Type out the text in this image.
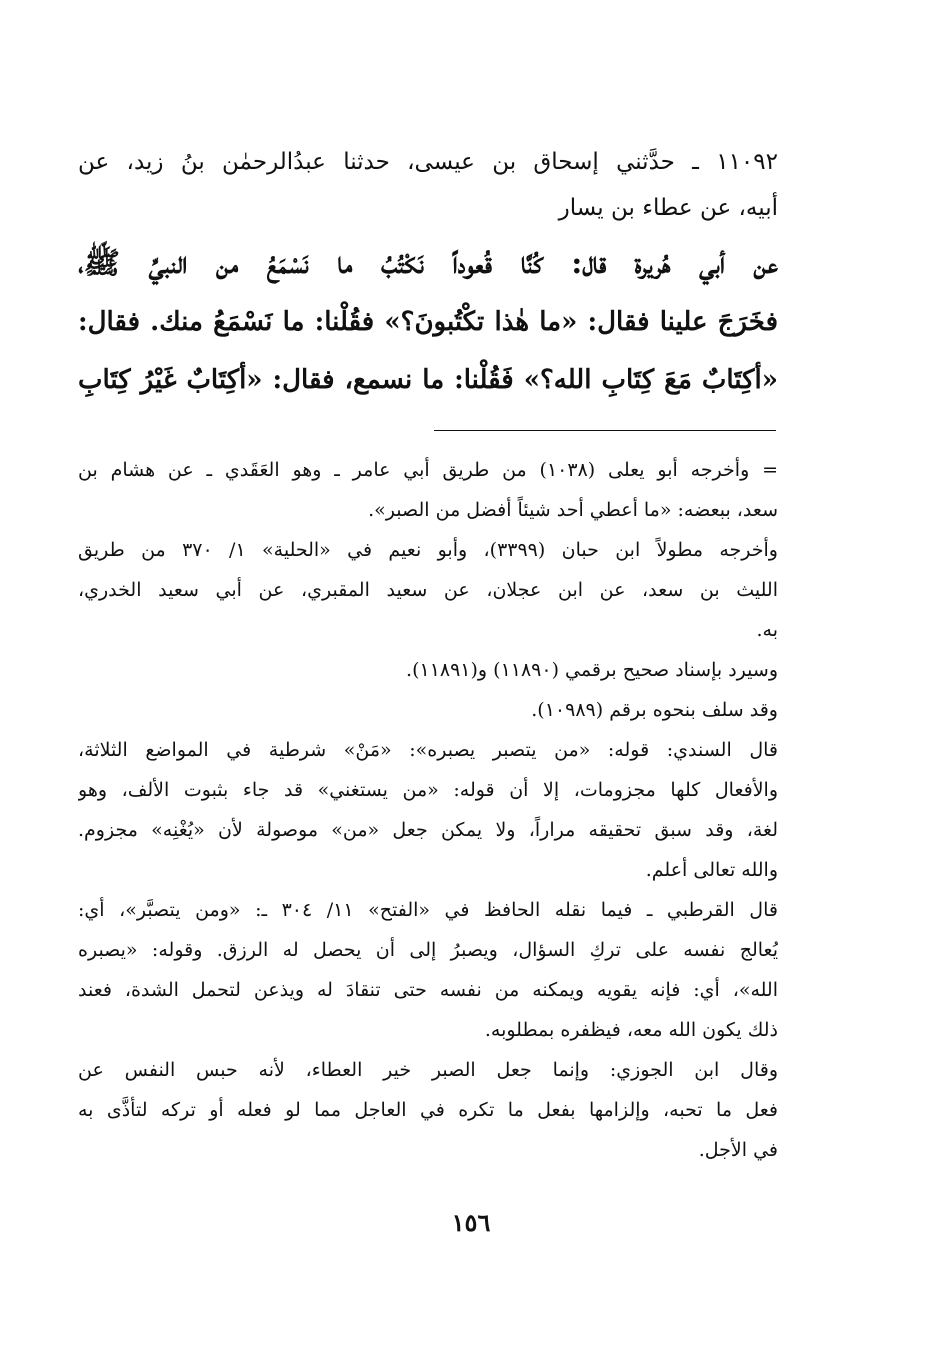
١١٠٩٢ ـ حدَّثني إسحاق بن عيسى، حدثنا عبدُالرحمٰن بنُ زيد، عن
أبيه، عن عطاء بن يسار
عن أبي هُريرة قال: كُنَّا قُعوداً نَكْتُبُ ما نَسْمَعُ من النبيِّ ﷺ،
فخَرَجَ علينا فقال: «ما هٰذا تكْتُبونَ؟» فقُلْنا: ما نَسْمَعُ منك. فقال:
«أكِتَابٌ مَعَ كِتَابِ الله؟» فَقُلْنا: ما نسمع، فقال: «أكِتَابٌ غَيْرُ كِتَابِ
= وأخرجه أبو يعلى (١٠٣٨) من طريق أبي عامر ـ وهو العَقَدي ـ عن هشام بن
سعد، ببعضه: «ما أعطي أحد شيئاً أفضل من الصبر».
وأخرجه مطولاً ابن حبان (٣٣٩٩)، وأبو نعيم في «الحلية» ١/ ٣٧٠ من طريق
الليث بن سعد، عن ابن عجلان، عن سعيد المقبري، عن أبي سعيد الخدري،
به.
وسيرد بإسناد صحيح برقمي (١١٨٩٠) و(١١٨٩١).
وقد سلف بنحوه برقم (١٠٩٨٩).
قال السندي: قوله: «من يتصبر يصبره»: «مَنْ» شرطية في المواضع الثلاثة،
والأفعال كلها مجزومات، إلا أن قوله: «من يستغني» قد جاء بثبوت الألف، وهو
لغة، وقد سبق تحقيقه مراراً، ولا يمكن جعل «من» موصولة لأن «يُغْنِه» مجزوم.
والله تعالى أعلم.
قال القرطبي ـ فيما نقله الحافظ في «الفتح» ١١/ ٣٠٤ ـ: «ومن يتصبَّر»، أي:
يُعالج نفسه على تركِ السؤال، ويصبرُ إلى أن يحصل له الرزق. وقوله: «يصبره
الله»، أي: فإنه يقويه ويمكنه من نفسه حتى تنقادَ له ويذعن لتحمل الشدة، فعند
ذلك يكون الله معه، فيظفره بمطلوبه.
وقال ابن الجوزي: وإنما جعل الصبر خير العطاء، لأنه حبس النفس عن
فعل ما تحبه، وإلزامها بفعل ما تكره في العاجل مما لو فعله أو تركه لتأذَّى به
في الأجل.
١٥٦
